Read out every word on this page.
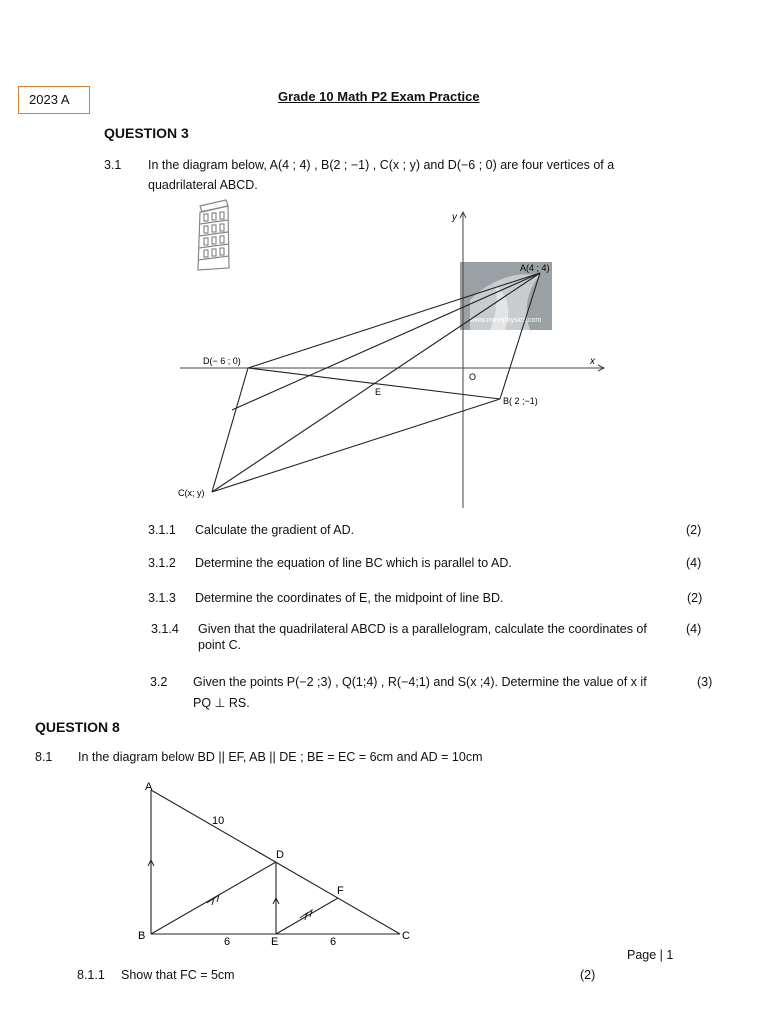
2023 A	Grade 10 Math P2 Exam Practice
QUESTION 3
3.1 In the diagram below, A(4 ; 4) , B(2 ; −1) , C(x ; y) and D(−6 ; 0) are four vertices of a
quadrilateral ABCD.
www.morephysics.com
A(4 ; 4)
B( 2 ;−1)
C(x; y)
D(− 6 ; 0)
E
O
x
y
3.1.1 Calculate the gradient of AD.	(2)
3.1.2 Determine the equation of line BC which is parallel to AD.	(4)
3.1.3 Determine the coordinates of E, the midpoint of line BD.	(2)
3.1.4 Given that the quadrilateral ABCD is a parallelogram, calculate the coordinates of
point C.
(4)
3.2 Given the points P(−2 ;3) , Q(1;4) , R(−4;1) and S(x ;4). Determine the value of x if
PQ ⊥ RS.
(3)
QUESTION 8
8.1 In the diagram below BD || EF, AB || DE ; BE = EC = 6cm and AD = 10cm
A
B	C
D
E
F
10
6	6
Page | 1
8.1.1 Show that FC = 5cm	(2)
